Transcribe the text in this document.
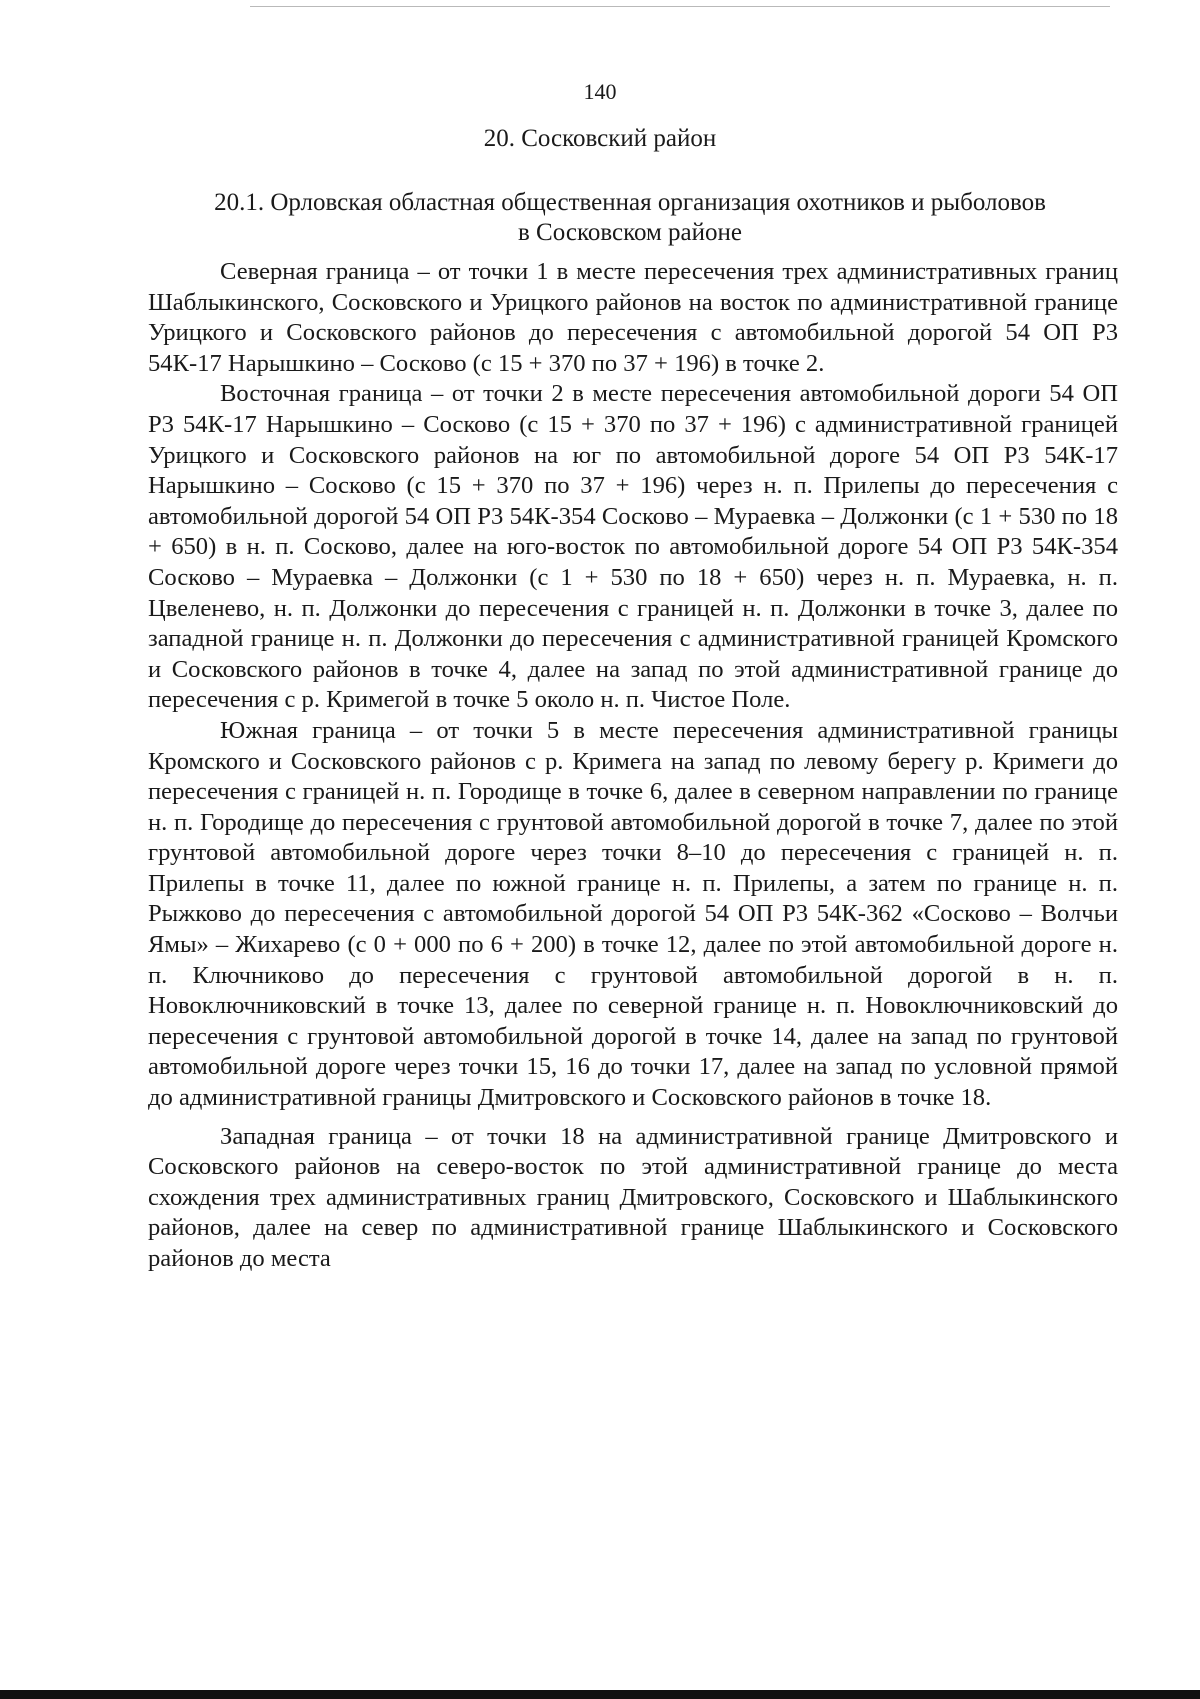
140
20. Сосковский район
20.1. Орловская областная общественная организация охотников и рыболовов
в Сосковском районе

Северная граница – от точки 1 в месте пересечения трех административных границ Шаблыкинского, Сосковского и Урицкого районов на восток по административной границе Урицкого и Сосковского районов до пересечения с автомобильной дорогой 54 ОП Р3 54К-17 Нарышкино – Сосково (с 15 + 370 по 37 + 196) в точке 2.

Восточная граница – от точки 2 в месте пересечения автомобильной дороги 54 ОП Р3 54К-17 Нарышкино – Сосково (с 15 + 370 по 37 + 196) с административной границей Урицкого и Сосковского районов на юг по автомобильной дороге 54 ОП Р3 54К-17 Нарышкино – Сосково (с 15 + 370 по 37 + 196) через н. п. Прилепы до пересечения с автомобильной дорогой 54 ОП Р3 54К-354 Сосково – Мураевка – Должонки (с 1 + 530 по 18 + 650) в н. п. Сосково, далее на юго-восток по автомобильной дороге 54 ОП Р3 54К-354 Сосково – Мураевка – Должонки (с 1 + 530 по 18 + 650) через н. п. Мураевка, н. п. Цвеленево, н. п. Должонки до пересечения с границей н. п. Должонки в точке 3, далее по западной границе н. п. Должонки до пересечения с административной границей Кромского и Сосковского районов в точке 4, далее на запад по этой административной границе до пересечения с р. Кримегой в точке 5 около н. п. Чистое Поле.

Южная граница – от точки 5 в месте пересечения административной границы Кромского и Сосковского районов с р. Кримега на запад по левому берегу р. Кримеги до пересечения с границей н. п. Городище в точке 6, далее в северном направлении по границе н. п. Городище до пересечения с грунтовой автомобильной дорогой в точке 7, далее по этой грунтовой автомобильной дороге через точки 8–10 до пересечения с границей н. п. Прилепы в точке 11, далее по южной границе н. п. Прилепы, а затем по границе н. п. Рыжково до пересечения с автомобильной дорогой 54 ОП Р3 54К-362 «Сосково – Волчьи Ямы» – Жихарево (с 0 + 000 по 6 + 200) в точке 12, далее по этой автомобильной дороге н. п. Ключниково до пересечения с грунтовой автомобильной дорогой в н. п. Новоключниковский в точке 13, далее по северной границе н. п. Новоключниковский до пересечения с грунтовой автомобильной дорогой в точке 14, далее на запад по грунтовой автомобильной дороге через точки 15, 16 до точки 17, далее на запад по условной прямой до административной границы Дмитровского и Сосковского районов в точке 18.

Западная граница – от точки 18 на административной границе Дмитровского и Сосковского районов на северо-восток по этой административной границе до места схождения трех административных границ Дмитровского, Сосковского и Шаблыкинского районов, далее на север по административной границе Шаблыкинского и Сосковского районов до места
